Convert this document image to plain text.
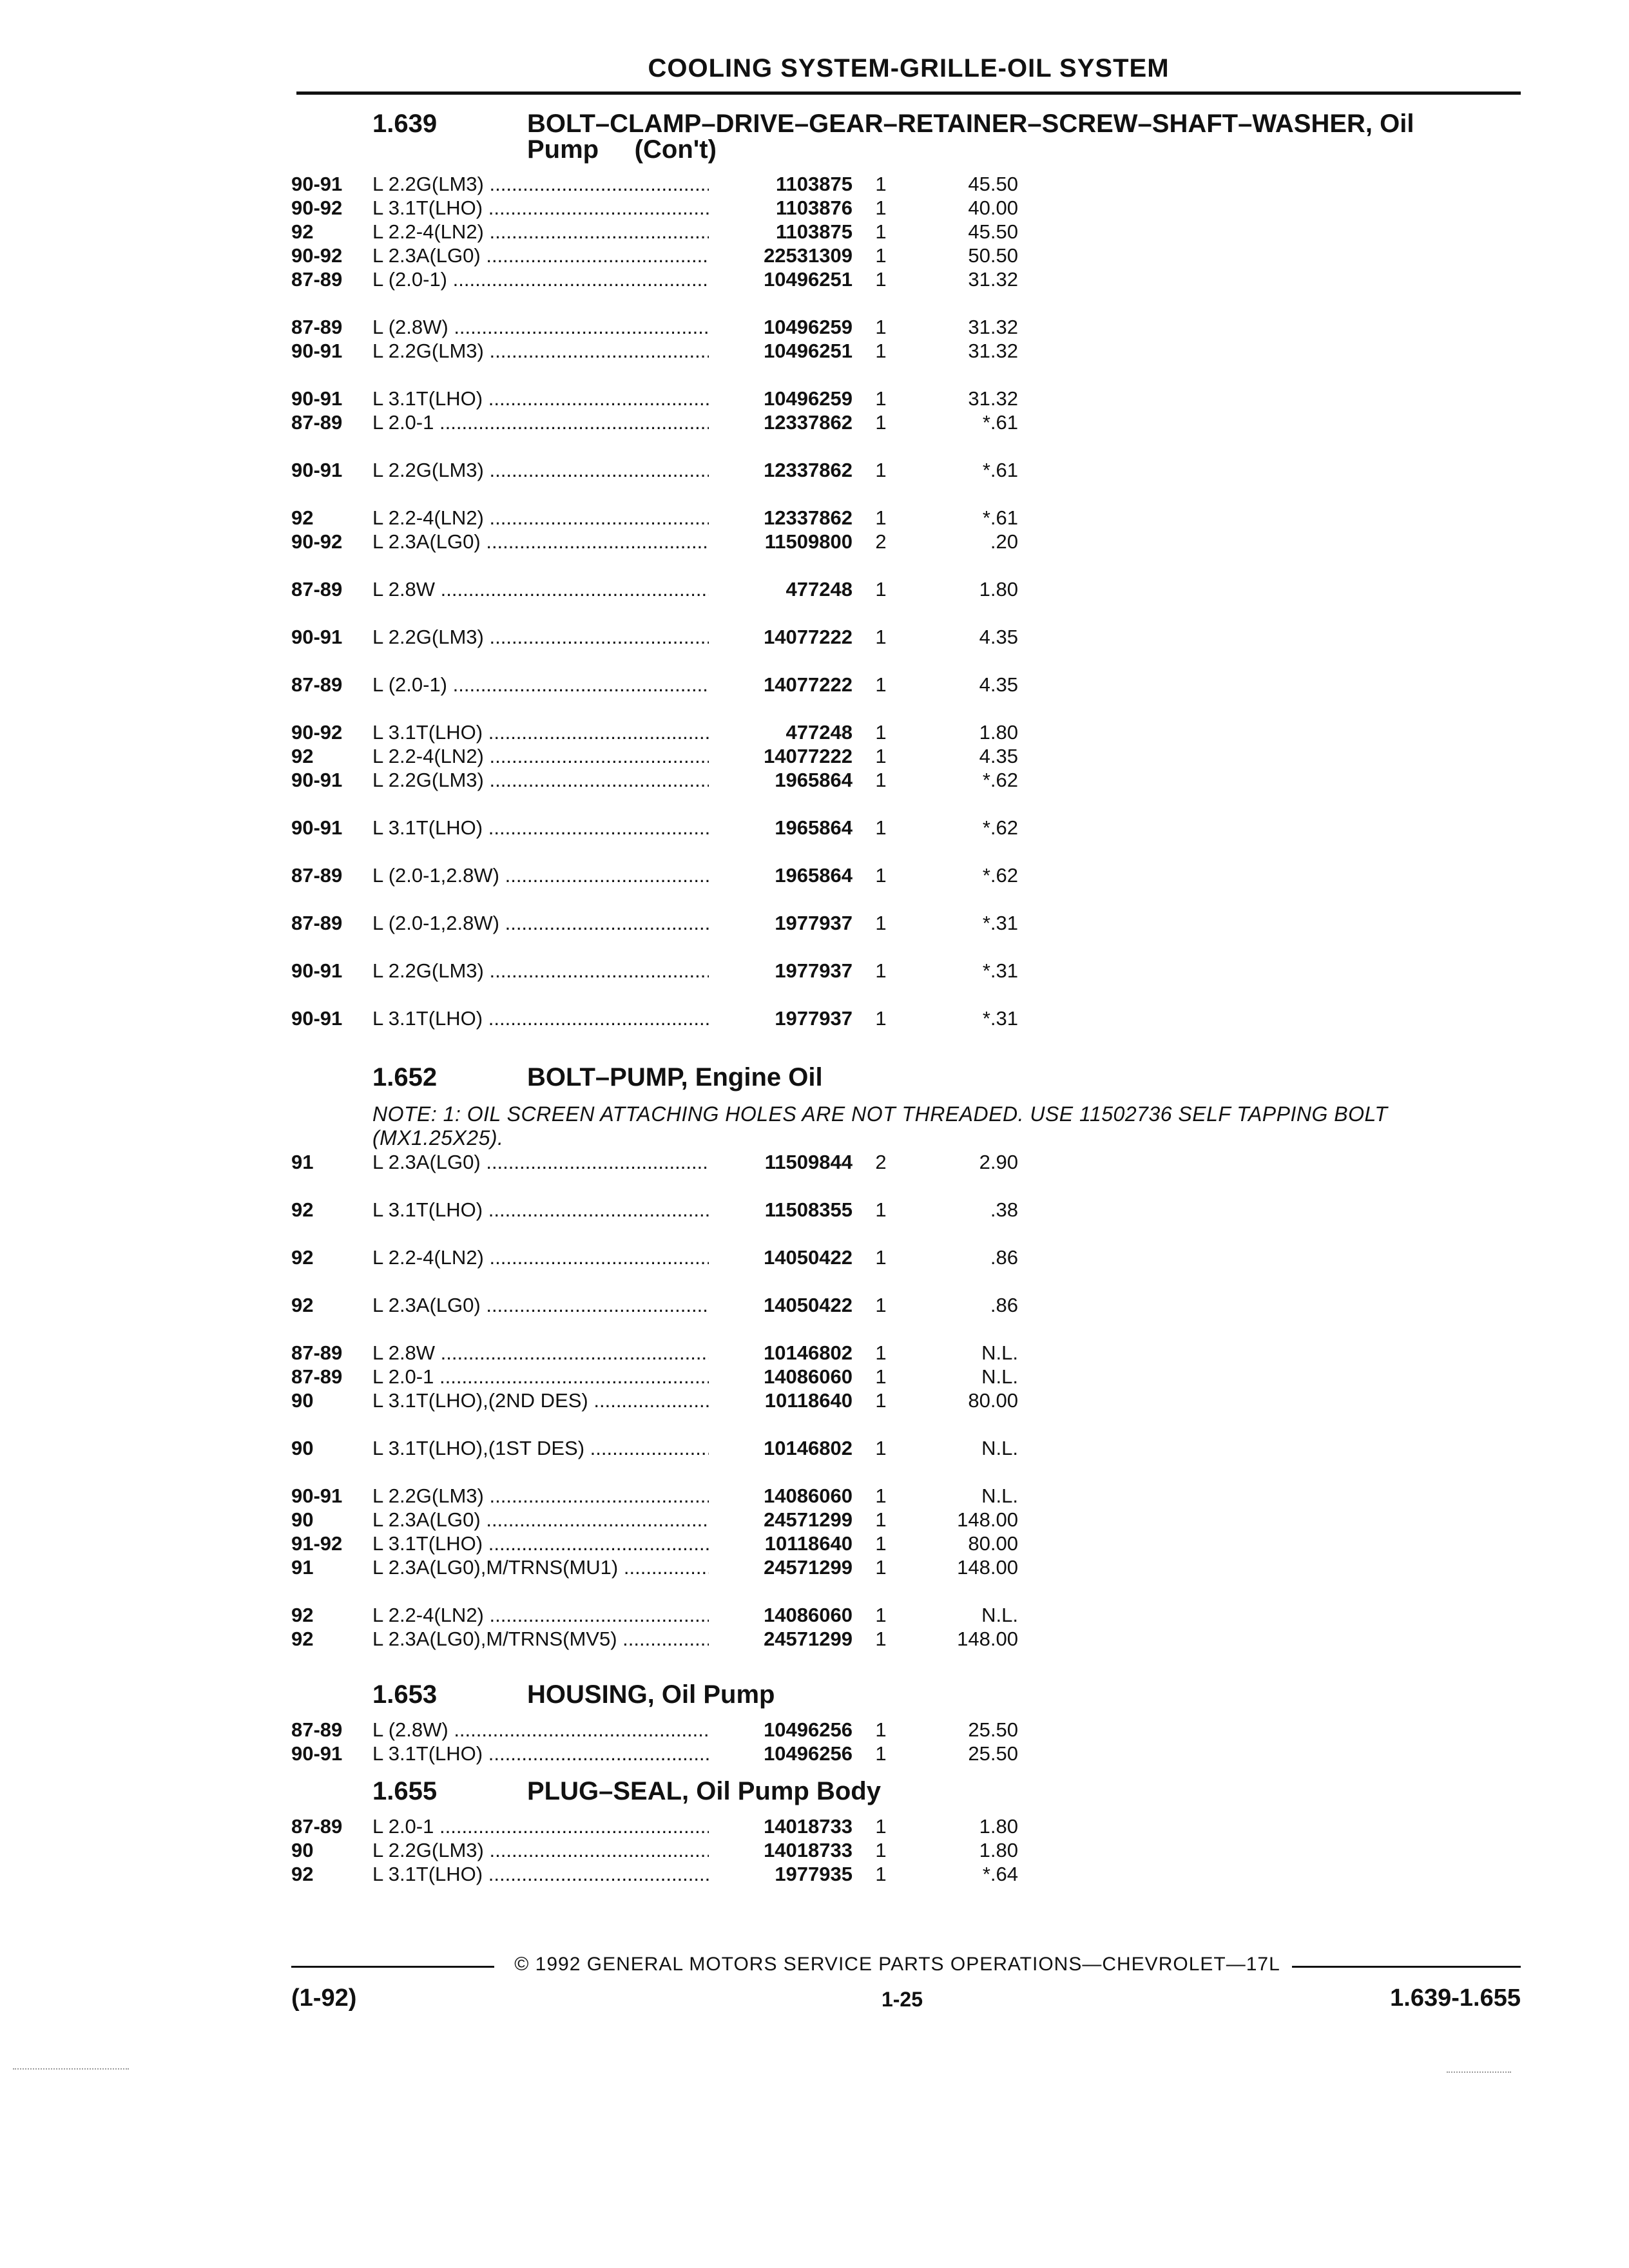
COOLING SYSTEM-GRILLE-OIL SYSTEM
1.639	BOLT–CLAMP–DRIVE–GEAR–RETAINER–SCREW–SHAFT–WASHER, Oil
Pump     (Con't)
90-91 L 2.2G(LM3) .....	1103875 1	45.50
90-92 L 3.1T(LHO) .....	1103876 1	40.00
92	L 2.2-4(LN2) .....	1103875 1	45.50
90-92 L 2.3A(LG0) .....	22531309 1	50.50
87-89 L (2.0-1) .....	10496251 1	31.32
87-89 L (2.8W) .....	10496259 1	31.32
90-91 L 2.2G(LM3) .....	10496251 1	31.32
90-91 L 3.1T(LHO) .....	10496259 1	31.32
87-89 L 2.0-1 .....	12337862 1	*.61
90-91 L 2.2G(LM3) .....	12337862 1	*.61
92	L 2.2-4(LN2) .....	12337862 1	*.61
90-92 L 2.3A(LG0) .....	11509800 2	.20
87-89 L 2.8W .....	477248 1	1.80
90-91 L 2.2G(LM3) .....	14077222 1	4.35
87-89 L (2.0-1) .....	14077222 1	4.35
90-92 L 3.1T(LHO) .....	477248 1	1.80
92	L 2.2-4(LN2) .....	14077222 1	4.35
90-91 L 2.2G(LM3) .....	1965864 1	*.62
90-91 L 3.1T(LHO) .....	1965864 1	*.62
87-89 L (2.0-1,2.8W) .....	1965864 1	*.62
87-89 L (2.0-1,2.8W) .....	1977937 1	*.31
90-91 L 2.2G(LM3) .....	1977937 1	*.31
90-91 L 3.1T(LHO) .....	1977937 1	*.31
1.652	BOLT–PUMP, Engine Oil
NOTE: 1: OIL SCREEN ATTACHING HOLES ARE NOT THREADED. USE 11502736 SELF TAPPING BOLT (MX1.25X25).
91	L 2.3A(LG0) .....	11509844 2	2.90
92	L 3.1T(LHO) .....	11508355 1	.38
92	L 2.2-4(LN2) .....	14050422 1	.86
92	L 2.3A(LG0) .....	14050422 1	.86
87-89 L 2.8W .....	10146802 1	N.L.
87-89 L 2.0-1 .....	14086060 1	N.L.
90	L 3.1T(LHO),(2ND DES) .....	10118640 1	80.00
90	L 3.1T(LHO),(1ST DES) .....	10146802 1	N.L.
90-91 L 2.2G(LM3) .....	14086060 1	N.L.
90	L 2.3A(LG0) .....	24571299 1	148.00
91-92 L 3.1T(LHO) .....	10118640 1	80.00
91	L 2.3A(LG0),M/TRNS(MU1) .....	24571299 1	148.00
92	L 2.2-4(LN2) .....	14086060 1	N.L.
92	L 2.3A(LG0),M/TRNS(MV5) .....	24571299 1	148.00
1.653	HOUSING, Oil Pump
87-89 L (2.8W) .....	10496256 1	25.50
90-91 L 3.1T(LHO) .....	10496256 1	25.50
1.655	PLUG–SEAL, Oil Pump Body
87-89 L 2.0-1 .....	14018733 1	1.80
90	L 2.2G(LM3) .....	14018733 1	1.80
92	L 3.1T(LHO) .....	1977935 1	*.64
© 1992 GENERAL MOTORS SERVICE PARTS OPERATIONS—CHEVROLET—17L
(1-92)	1-25	1.639-1.655
